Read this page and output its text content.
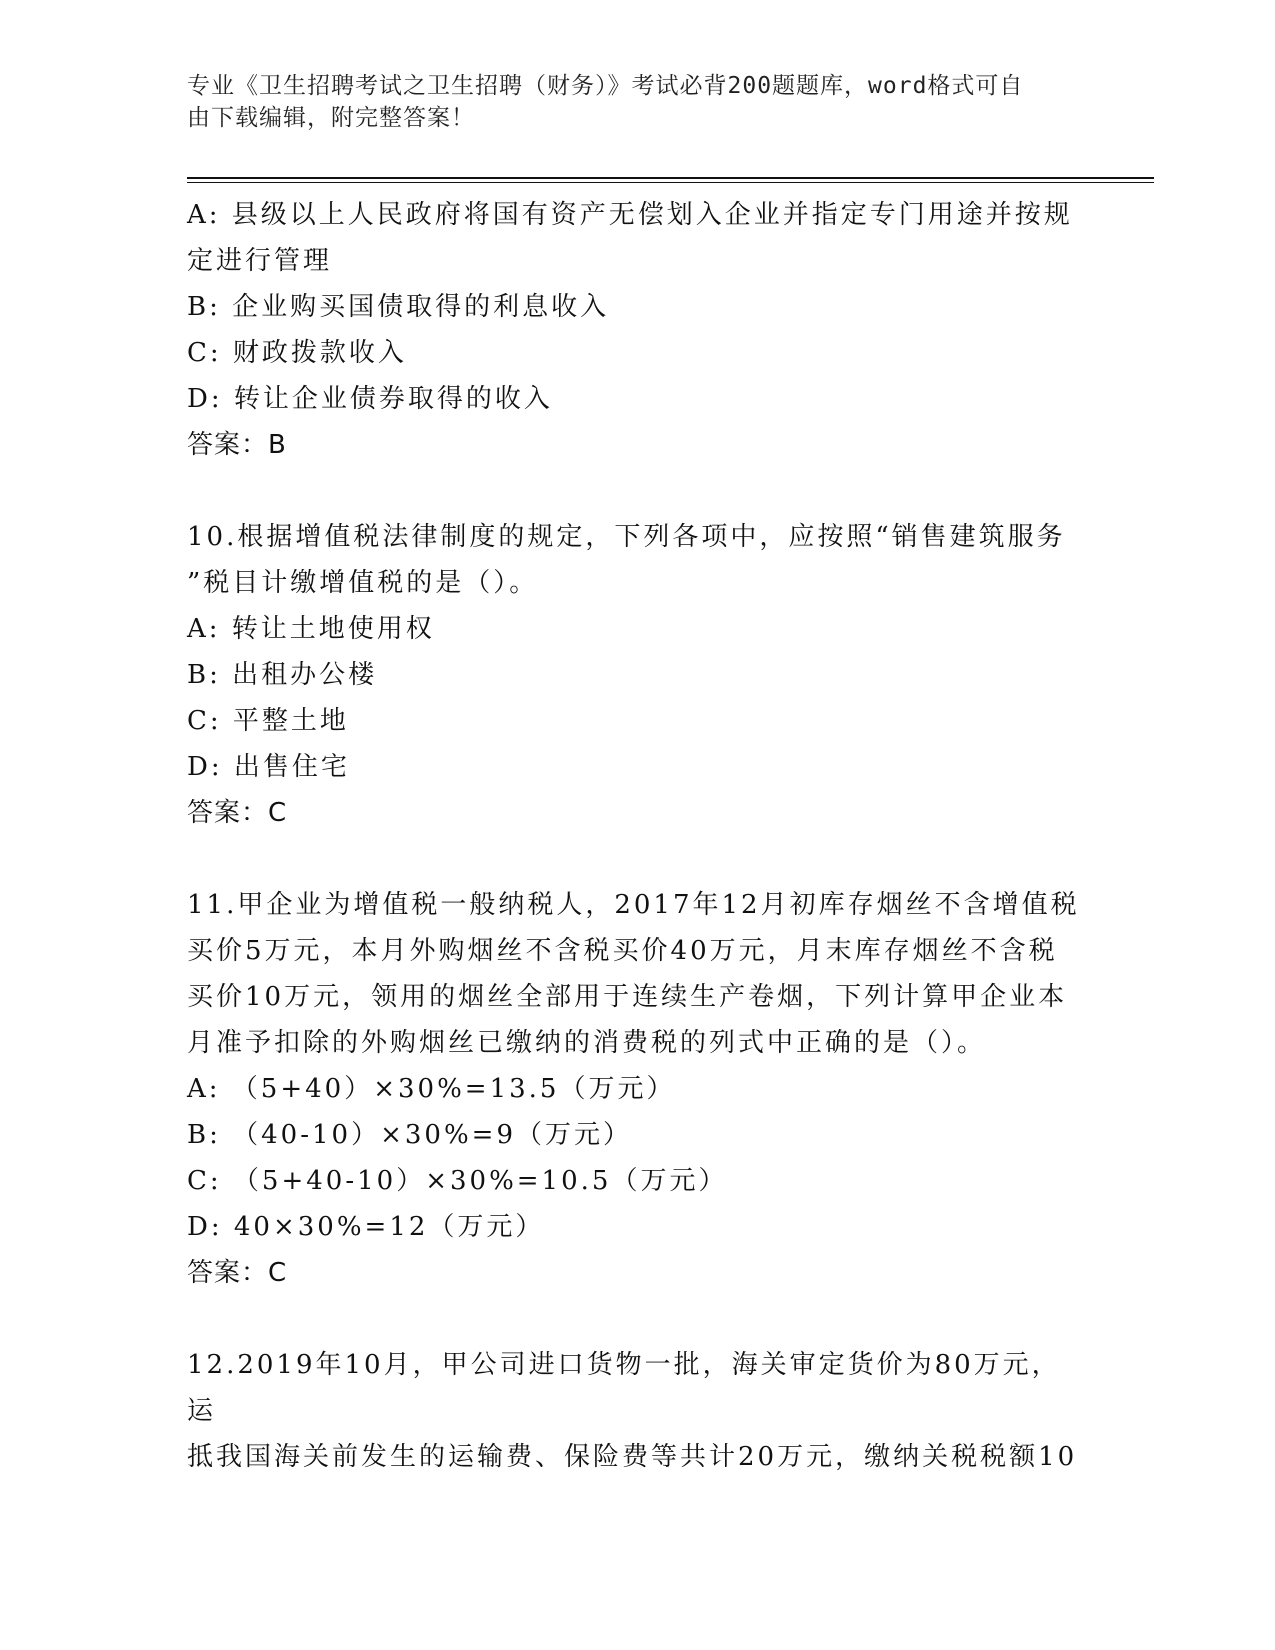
专业《卫生招聘考试之卫生招聘（财务）》考试必背200题题库，word格式可自
由下载编辑，附完整答案！
A: 县级以上人民政府将国有资产无偿划入企业并指定专门用途并按规
定进行管理
B: 企业购买国债取得的利息收入
C: 财政拨款收入
D: 转让企业债券取得的收入
答案：B
10.根据增值税法律制度的规定，下列各项中，应按照“销售建筑服务
”税目计缴增值税的是（）。
A: 转让土地使用权
B: 出租办公楼
C: 平整土地
D: 出售住宅
答案：C
11.甲企业为增值税一般纳税人，2017年12月初库存烟丝不含增值税
买价5万元，本月外购烟丝不含税买价40万元，月末库存烟丝不含税
买价10万元，领用的烟丝全部用于连续生产卷烟，下列计算甲企业本
月准予扣除的外购烟丝已缴纳的消费税的列式中正确的是（）。
A: （5+40）×30%=13.5（万元）
B: （40-10）×30%=9（万元）
C: （5+40-10）×30%=10.5（万元）
D: 40×30%=12（万元）
答案：C
12.2019年10月，甲公司进口货物一批，海关审定货价为80万元，运
抵我国海关前发生的运输费、保险费等共计20万元，缴纳关税税额10
